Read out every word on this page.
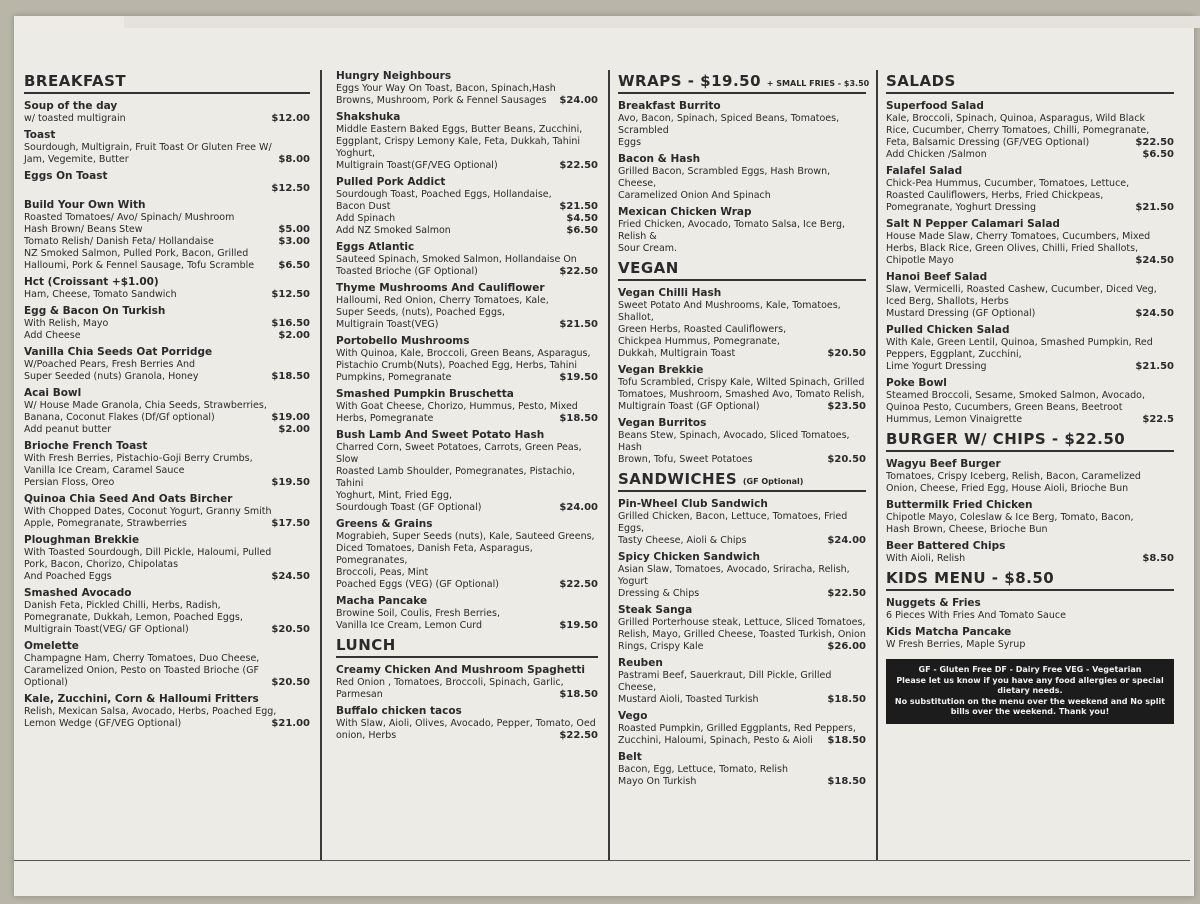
BREAKFAST
Soup of the day
w/ toasted multigrain	$12.00
Toast
Sourdough, Multigrain, Fruit Toast Or Gluten Free W/
Jam, Vegemite, Butter	$8.00
Eggs On Toast
$12.50
Build Your Own With
Roasted Tomatoes/ Avo/ Spinach/ Mushroom
Hash Brown/ Beans Stew	$5.00
Tomato Relish/ Danish Feta/ Hollandaise	$3.00
NZ Smoked Salmon, Pulled Pork, Bacon, Grilled
Halloumi, Pork & Fennel Sausage, Tofu Scramble $6.50
Hct (Croissant +$1.00)
Ham, Cheese, Tomato Sandwich	$12.50
Egg & Bacon On Turkish
With Relish, Mayo	$16.50
Add Cheese	$2.00
Vanilla Chia Seeds Oat Porridge
W/Poached Pears, Fresh Berries And
Super Seeded (nuts) Granola, Honey	$18.50
Acai Bowl
W/ House Made Granola, Chia Seeds, Strawberries,
Banana, Coconut Flakes (Df/Gf optional)	$19.00
Add peanut butter	$2.00
Brioche French Toast
With Fresh Berries, Pistachio-Goji Berry Crumbs,
Vanilla Ice Cream, Caramel Sauce
Persian Floss, Oreo	$19.50
Quinoa Chia Seed And Oats Bircher
With Chopped Dates, Coconut Yogurt, Granny Smith
Apple, Pomegranate, Strawberries	$17.50
Ploughman Brekkie
With Toasted Sourdough, Dill Pickle, Haloumi, Pulled
Pork, Bacon, Chorizo, Chipolatas
And Poached Eggs	$24.50
Smashed Avocado
Danish Feta, Pickled Chilli, Herbs, Radish,
Pomegranate, Dukkah, Lemon, Poached Eggs,
Multigrain Toast(VEG/ GF Optional)	$20.50
Omelette
Champagne Ham, Cherry Tomatoes, Duo Cheese,
Caramelized Onion, Pesto on Toasted Brioche (GF
Optional)	$20.50
Kale, Zucchini, Corn & Halloumi Fritters
Relish, Mexican Salsa, Avocado, Herbs, Poached Egg,
Lemon Wedge (GF/VEG Optional)	$21.00
Hungry Neighbours
Eggs Your Way On Toast, Bacon, Spinach,Hash
Browns, Mushroom, Pork & Fennel Sausages $24.00
Shakshuka
Middle Eastern Baked Eggs, Butter Beans, Zucchini,
Eggplant, Crispy Lemony Kale, Feta, Dukkah, Tahini
Yoghurt,
Multigrain Toast(GF/VEG Optional)	$22.50
Pulled Pork Addict
Sourdough Toast, Poached Eggs, Hollandaise,
Bacon Dust	$21.50
Add Spinach	$4.50
Add NZ Smoked Salmon	$6.50
Eggs Atlantic
Sauteed Spinach, Smoked Salmon, Hollandaise On
Toasted Brioche (GF Optional)	$22.50
Thyme Mushrooms And Cauliflower
Halloumi, Red Onion, Cherry Tomatoes, Kale,
Super Seeds, (nuts), Poached Eggs,
Multigrain Toast(VEG)	$21.50
Portobello Mushrooms
With Quinoa, Kale, Broccoli, Green Beans, Asparagus,
Pistachio Crumb(Nuts), Poached Egg, Herbs, Tahini
Pumpkins, Pomegranate	$19.50
Smashed Pumpkin Bruschetta
With Goat Cheese, Chorizo, Hummus, Pesto, Mixed
Herbs, Pomegranate	$18.50
Bush Lamb And Sweet Potato Hash
Charred Corn, Sweet Potatoes, Carrots, Green Peas, Slow
Roasted Lamb Shoulder, Pomegranates, Pistachio, Tahini
Yoghurt, Mint, Fried Egg,
Sourdough Toast (GF Optional)	$24.00
Greens & Grains
Mograbieh, Super Seeds (nuts), Kale, Sauteed Greens,
Diced Tomatoes, Danish Feta, Asparagus, Pomegranates,
Broccoli, Peas, Mint
Poached Eggs (VEG) (GF Optional)	$22.50
Macha Pancake
Browine Soil, Coulis, Fresh Berries,
Vanilla Ice Cream, Lemon Curd	$19.50
LUNCH
Creamy Chicken And Mushroom Spaghetti
Red Onion , Tomatoes, Broccoli, Spinach, Garlic,
Parmesan	$18.50
Buffalo chicken tacos
With Slaw, Aioli, Olives, Avocado, Pepper, Tomato, Oed
onion, Herbs	$22.50
WRAPS - $19.50 + SMALL FRIES - $3.50
Breakfast Burrito
Avo, Bacon, Spinach, Spiced Beans, Tomatoes, Scrambled
Eggs
Bacon & Hash
Grilled Bacon, Scrambled Eggs, Hash Brown, Cheese,
Caramelized Onion And Spinach
Mexican Chicken Wrap
Fried Chicken, Avocado, Tomato Salsa, Ice Berg, Relish &
Sour Cream.
VEGAN
Vegan Chilli Hash
Sweet Potato And Mushrooms, Kale, Tomatoes, Shallot,
Green Herbs, Roasted Cauliflowers,
Chickpea Hummus, Pomegranate,
Dukkah, Multigrain Toast	$20.50
Vegan Brekkie
Tofu Scrambled, Crispy Kale, Wilted Spinach, Grilled
Tomatoes, Mushroom, Smashed Avo, Tomato Relish,
Multigrain Toast (GF Optional)	$23.50
Vegan Burritos
Beans Stew, Spinach, Avocado, Sliced Tomatoes, Hash
Brown, Tofu, Sweet Potatoes	$20.50
SANDWICHES (GF Optional)
Pin-Wheel Club Sandwich
Grilled Chicken, Bacon, Lettuce, Tomatoes, Fried Eggs,
Tasty Cheese, Aioli & Chips	$24.00
Spicy Chicken Sandwich
Asian Slaw, Tomatoes, Avocado, Sriracha, Relish, Yogurt
Dressing & Chips	$22.50
Steak Sanga
Grilled Porterhouse steak, Lettuce, Sliced Tomatoes,
Relish, Mayo, Grilled Cheese, Toasted Turkish, Onion
Rings, Crispy Kale	$26.00
Reuben
Pastrami Beef, Sauerkraut, Dill Pickle, Grilled Cheese,
Mustard Aioli, Toasted Turkish	$18.50
Vego
Roasted Pumpkin, Grilled Eggplants, Red Peppers,
Zucchini, Haloumi, Spinach, Pesto & Aioli $18.50
Belt
Bacon, Egg, Lettuce, Tomato, Relish
Mayo On Turkish	$18.50
SALADS
Superfood Salad
Kale, Broccoli, Spinach, Quinoa, Asparagus, Wild Black
Rice, Cucumber, Cherry Tomatoes, Chilli, Pomegranate,
Feta, Balsamic Dressing (GF/VEG Optional)	$22.50
Add Chicken /Salmon	$6.50
Falafel Salad
Chick-Pea Hummus, Cucumber, Tomatoes, Lettuce,
Roasted Cauliflowers, Herbs, Fried Chickpeas,
Pomegranate, Yoghurt Dressing	$21.50
Salt N Pepper Calamari Salad
House Made Slaw, Cherry Tomatoes, Cucumbers, Mixed
Herbs, Black Rice, Green Olives, Chilli, Fried Shallots,
Chipotle Mayo	$24.50
Hanoi Beef Salad
Slaw, Vermicelli, Roasted Cashew, Cucumber, Diced Veg,
Iced Berg, Shallots, Herbs
Mustard Dressing (GF Optional)	$24.50
Pulled Chicken Salad
With Kale, Green Lentil, Quinoa, Smashed Pumpkin, Red
Peppers, Eggplant, Zucchini,
Lime Yogurt Dressing	$21.50
Poke Bowl
Steamed Broccoli, Sesame, Smoked Salmon, Avocado,
Quinoa Pesto, Cucumbers, Green Beans, Beetroot
Hummus, Lemon Vinaigrette	$22.5
BURGER W/ CHIPS - $22.50
Wagyu Beef Burger
Tomatoes, Crispy Iceberg, Relish, Bacon, Caramelized
Onion, Cheese, Fried Egg, House Aioli, Brioche Bun
Buttermilk Fried Chicken
Chipotle Mayo, Coleslaw & Ice Berg, Tomato, Bacon,
Hash Brown, Cheese, Brioche Bun
Beer Battered Chips
With Aioli, Relish	$8.50
KIDS MENU - $8.50
Nuggets & Fries
6 Pieces With Fries And Tomato Sauce
Kids Matcha Pancake
W Fresh Berries, Maple Syrup
GF - Gluten Free DF - Dairy Free VEG - Vegetarian
Please let us know if you have any food allergies or special dietary needs.
No substitution on the menu over the weekend and No split bills over the weekend. Thank you!
